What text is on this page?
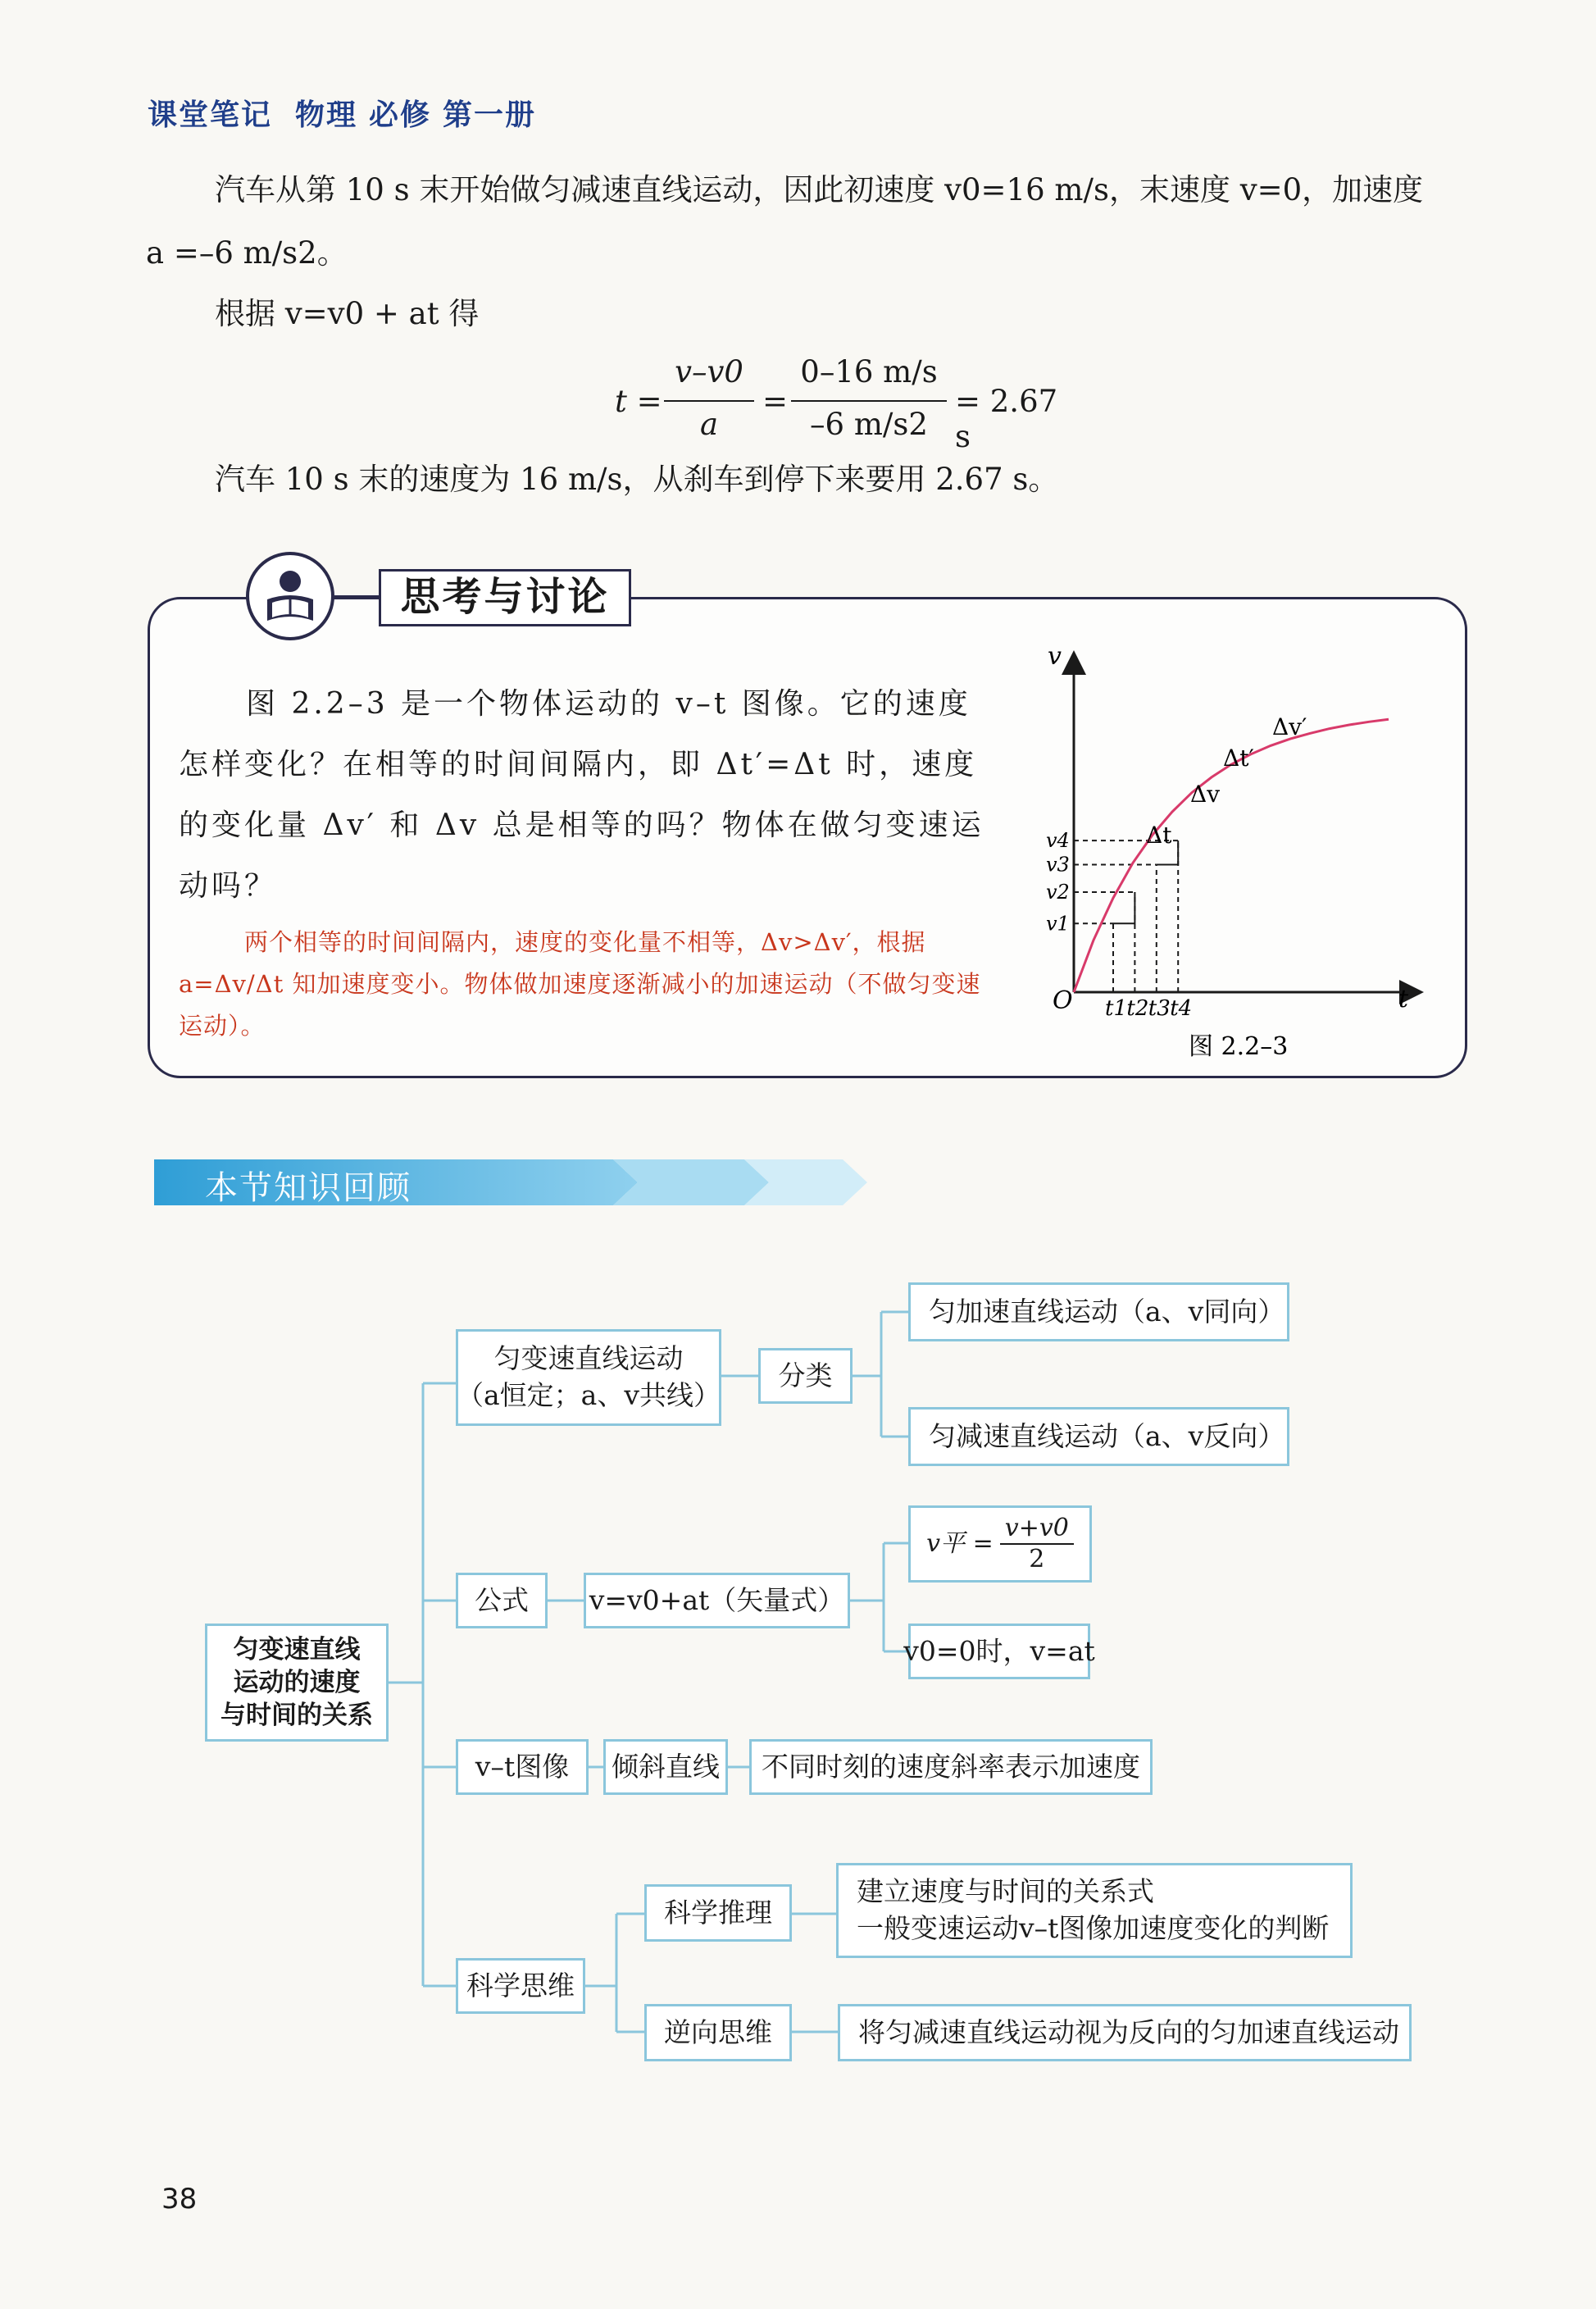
课堂笔记 物理 必修 第一册
汽车从第 10 s 末开始做匀减速直线运动，因此初速度 v0=16 m/s，末速度 v=0，加速度
a =–6 m/s2。
根据 v=v0 + at 得
t =
v–v0
a
=
0–16 m/s
–6 m/s2
= 2.67 s
汽车 10 s 末的速度为 16 m/s，从刹车到停下来要用 2.67 s。
思考与讨论
图 2.2–3 是一个物体运动的 v–t 图像。它的速度怎样变化？在相等的时间间隔内，即 Δt′=Δt 时，速度的变化量 Δv′ 和 Δv 总是相等的吗？物体在做匀变速运动吗？
两个相等的时间间隔内，速度的变化量不相等，Δv>Δv′，根据 a=Δv/Δt 知加速度变小。物体做加速度逐渐减小的加速运动（不做匀变速运动）。
v
t
O t1
v1
t2
v2
t3
v3
t4
v4	Δt
Δv
Δt′
Δv′
图 2.2–3
本节知识回顾
匀变速直线
运动的速度
与时间的关系
匀变速直线运动
（a恒定；a、v共线）
分类
匀加速直线运动（a、v同向）
匀减速直线运动（a、v反向）
公式	v=v0+at（矢量式）
v平 = $\frac{v+v0}{2}$
v0=0时，v=at
v–t图像	倾斜直线	不同时刻的速度斜率表示加速度
科学思维
科学推理
建立速度与时间的关系式
一般变速运动v–t图像加速度变化的判断
逆向思维	将匀减速直线运动视为反向的匀加速直线运动
38
